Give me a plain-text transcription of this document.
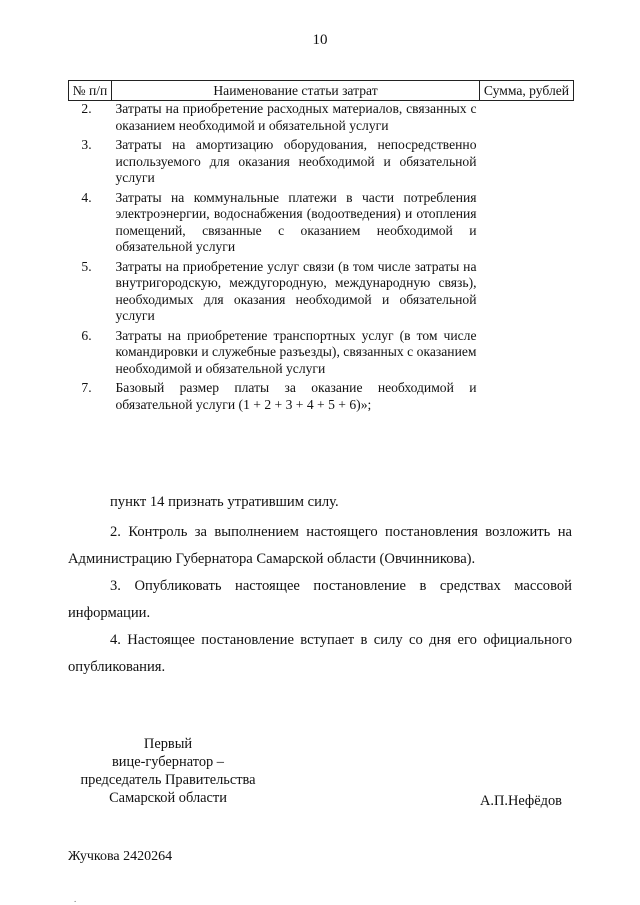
10
№ п/п	Наименование статьи затрат	Сумма, рублей
2.	Затраты на приобретение расходных материалов, связанных с оказанием необходимой и обязательной услуги	
3.	Затраты на амортизацию оборудования, непосредственно используемого для оказания необходимой и обязательной услуги	
4.	Затраты на коммунальные платежи в части потребления электроэнергии, водоснабжения (водоотведения) и отопления помещений, связанные с оказанием необходимой и обязательной услуги	
5.	Затраты на приобретение услуг связи (в том числе затраты на внутригородскую, междугородную, международную связь), необходимых для оказания необходимой и обязательной услуги	
6.	Затраты на приобретение транспортных услуг (в том числе командировки и служебные разъезды), связанных с оказанием необходимой и обязательной услуги	
7.	Базовый размер платы за оказание необходимой и обязательной услуги (1 + 2 + 3 + 4 + 5 + 6)»;	

пункт 14 признать утратившим силу.

2. Контроль за выполнением настоящего постановления возложить на Администрацию Губернатора Самарской области (Овчинникова).

3. Опубликовать настоящее постановление в средствах массовой информации.

4. Настоящее постановление вступает в силу со дня его официального опубликования.

Первый
вице-губернатор –
председатель Правительства
Самарской области	А.П.Нефёдов
Жучкова 2420264
.
